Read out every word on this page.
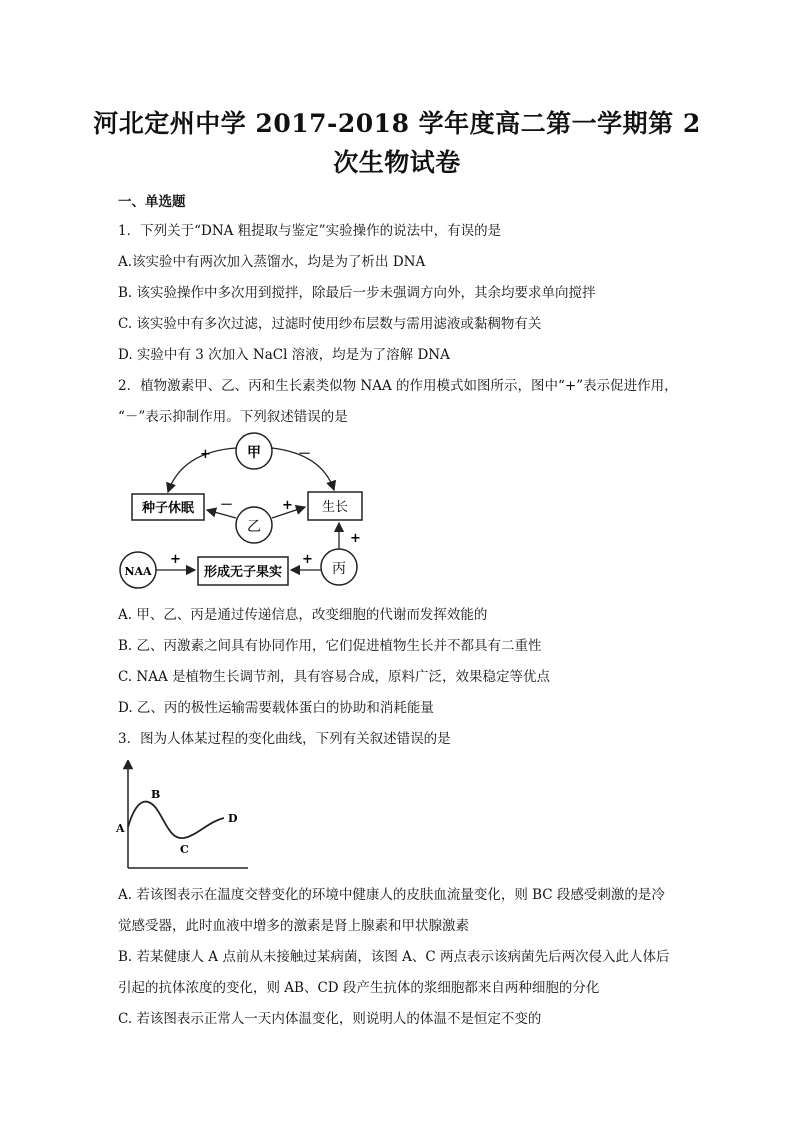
河北定州中学 2017-2018 学年度高二第一学期第 2
次生物试卷
一、单选题
1．下列关于“DNA 粗提取与鉴定”实验操作的说法中，有误的是
A.该实验中有两次加入蒸馏水，均是为了析出 DNA
B. 该实验操作中多次用到搅拌，除最后一步未强调方向外，其余均要求单向搅拌
C. 该实验中有多次过滤，过滤时使用纱布层数与需用滤液或黏稠物有关
D. 实验中有 3 次加入 NaCl 溶液，均是为了溶解 DNA
2．植物激素甲、乙、丙和生长素类似物 NAA 的作用模式如图所示，图中“+”表示促进作用，
“－”表示抑制作用。下列叙述错误的是
甲
乙
丙
NAA
种子休眠	生长
形成无子果实
+	－
－	+
+
+	+
A. 甲、乙、丙是通过传递信息，改变细胞的代谢而发挥效能的
B. 乙、丙激素之间具有协同作用，它们促进植物生长并不都具有二重性
C. NAA 是植物生长调节剂，具有容易合成，原料广泛，效果稳定等优点
D. 乙、丙的极性运输需要载体蛋白的协助和消耗能量
3．图为人体某过程的变化曲线，下列有关叙述错误的是
A
B
C
D
A. 若该图表示在温度交替变化的环境中健康人的皮肤血流量变化，则 BC 段感受刺激的是冷
觉感受器，此时血液中增多的激素是肾上腺素和甲状腺激素
B. 若某健康人 A 点前从未接触过某病菌，该图 A、C 两点表示该病菌先后两次侵入此人体后
引起的抗体浓度的变化，则 AB、CD 段产生抗体的浆细胞都来自两种细胞的分化
C. 若该图表示正常人一天内体温变化，则说明人的体温不是恒定不变的
